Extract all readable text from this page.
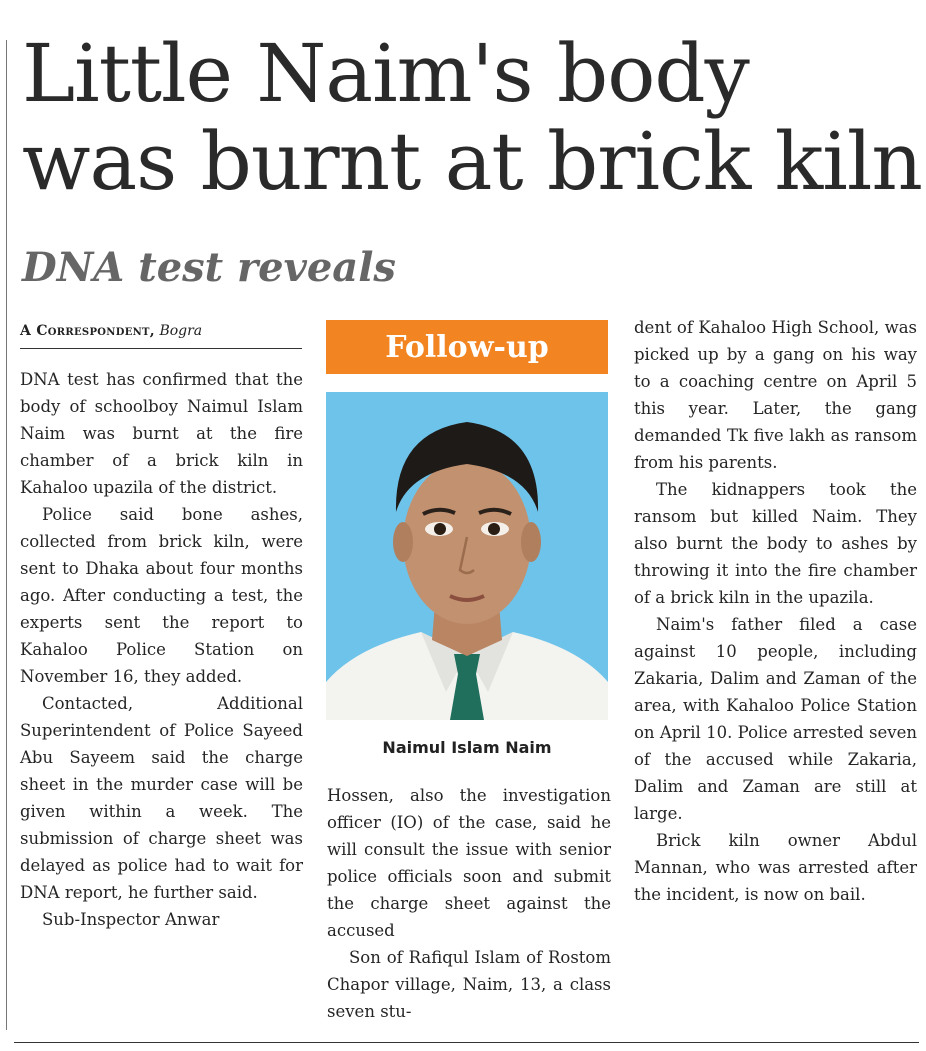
Little Naim's body was burnt at brick kiln
DNA test reveals
A Correspondent, Bogra

DNA test has confirmed that the body of schoolboy Naimul Islam Naim was burnt at the fire chamber of a brick kiln in Kahaloo upazila of the district.

Police said bone ashes, collected from brick kiln, were sent to Dhaka about four months ago. After conducting a test, the experts sent the report to Kahaloo Police Station on November 16, they added.

Contacted, Additional Superintendent of Police Sayeed Abu Sayeem said the charge sheet in the murder case will be given within a week. The submission of charge sheet was delayed as police had to wait for DNA report, he further said.

Sub-Inspector Anwar

Follow-up
Naimul Islam Naim

Hossen, also the investigation officer (IO) of the case, said he will consult the issue with senior police officials soon and submit the charge sheet against the accused

Son of Rafiqul Islam of Rostom Chapor village, Naim, 13, a class seven stu-

dent of Kahaloo High School, was picked up by a gang on his way to a coaching centre on April 5 this year. Later, the gang demanded Tk five lakh as ransom from his parents.

The kidnappers took the ransom but killed Naim. They also burnt the body to ashes by throwing it into the fire chamber of a brick kiln in the upazila.

Naim's father filed a case against 10 people, including Zakaria, Dalim and Zaman of the area, with Kahaloo Police Station on April 10. Police arrested seven of the accused while Zakaria, Dalim and Zaman are still at large.

Brick kiln owner Abdul Mannan, who was arrested after the incident, is now on bail.
